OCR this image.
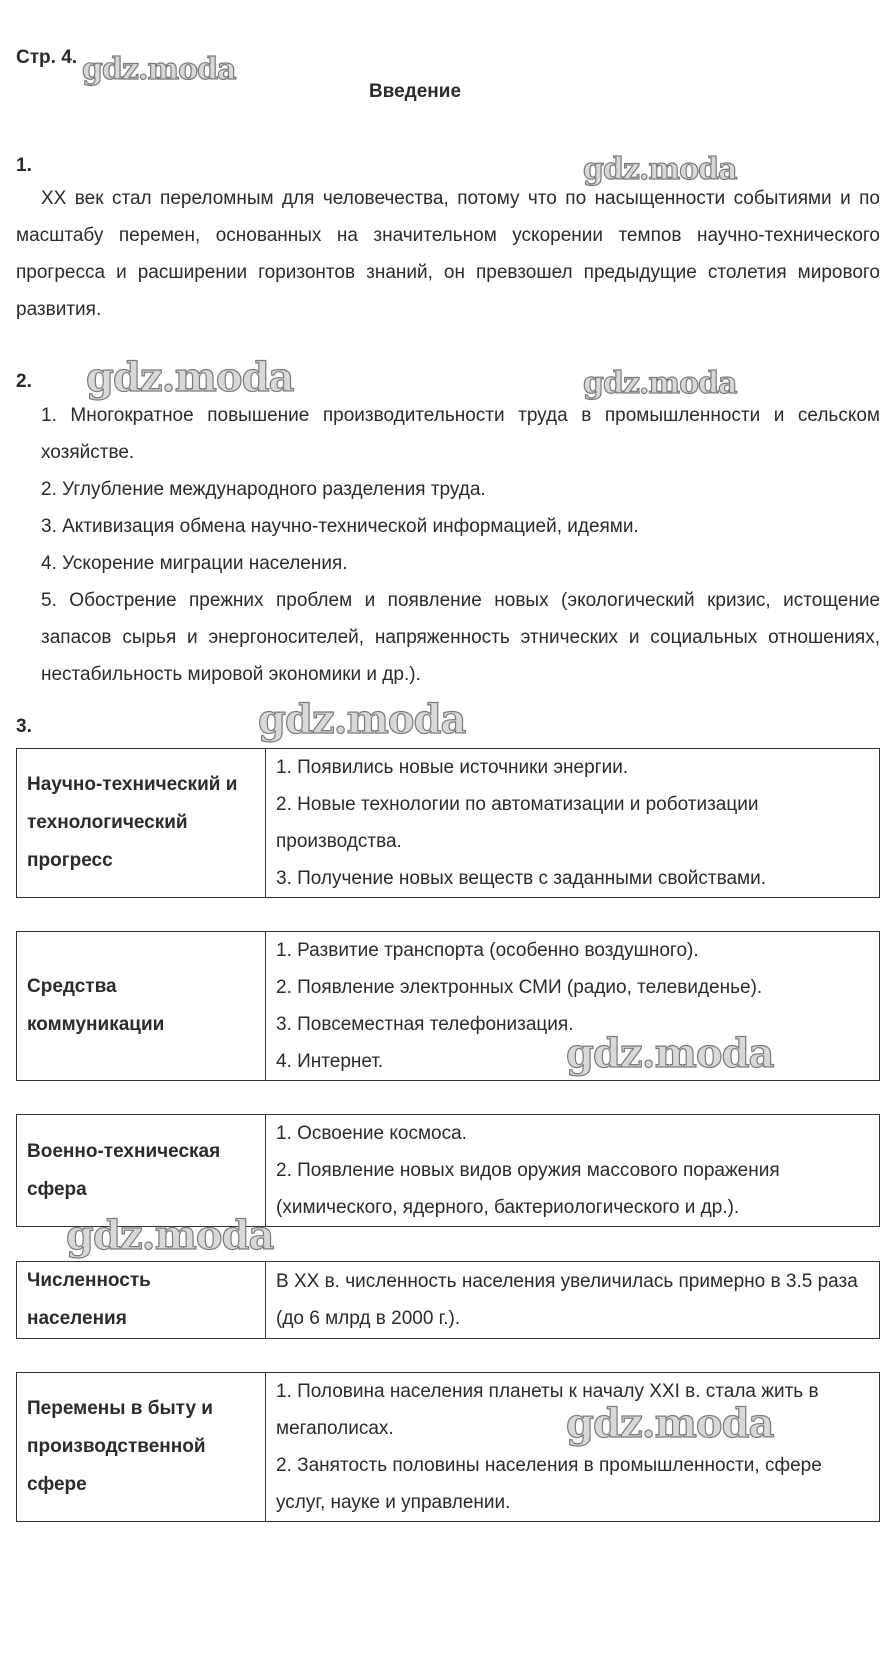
Стр. 4.
Введение
1.
XX век стал переломным для человечества, потому что по насыщенности событиями и по масштабу перемен, основанных на значительном ускорении темпов научно-технического прогресса и расширении горизонтов знаний, он превзошел предыдущие столетия мирового развития.
2.
1. Многократное повышение производительности труда в промышленности и сельском хозяйстве.
2. Углубление международного разделения труда.
3. Активизация обмена научно-технической информацией, идеями.
4. Ускорение миграции населения.
5. Обострение прежних проблем и появление новых (экологический кризис, истощение запасов сырья и энергоносителей, напряженность этнических и социальных отношениях, нестабильность мировой экономики и др.).
3.
Научно-технический и технологический прогресс	
1. Появились новые источники энергии.
2. Новые технологии по автоматизации и роботизации производства.
3. Получение новых веществ с заданными свойствами.
Средства коммуникации	
1. Развитие транспорта (особенно воздушного).
2. Появление электронных СМИ (радио, телевиденье).
3. Повсеместная телефонизация.
4. Интернет.
Военно-техническая сфера	
1. Освоение космоса.
2. Появление новых видов оружия массового поражения (химического, ядерного, бактериологического и др.).
Численность населения	
В XX в. численность населения увеличилась примерно в 3.5 раза (до 6 млрд в 2000 г.).
Перемены в быту и производственной сфере	
1. Половина населения планеты к началу XXI в. стала жить в мегаполисах.
2. Занятость половины населения в промышленности, сфере услуг, науке и управлении.
gdz.moda
gdz.moda
gdz.moda	gdz.moda
gdz.moda
gdz.moda
gdz.moda
gdz.moda
